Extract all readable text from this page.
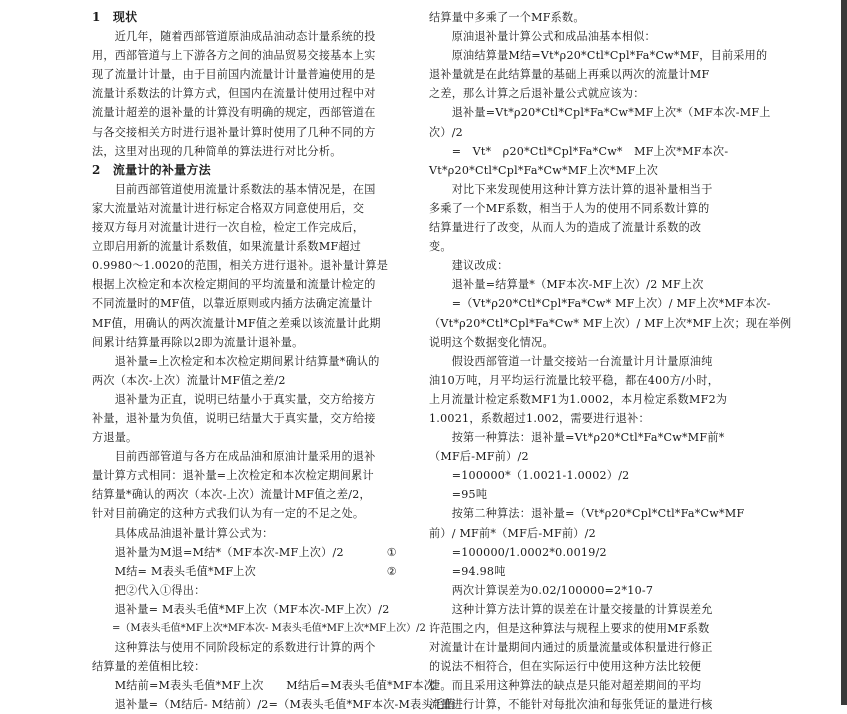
1　现状
　　近几年，随着西部管道原油成品油动态计量系统的投
用，西部管道与上下游各方之间的油品贸易交接基本上实
现了流量计计量，由于目前国内流量计计量普遍使用的是
流量计系数法的计算方式，但国内在流量计使用过程中对
流量计超差的退补量的计算没有明确的规定，西部管道在
与各交接相关方时进行退补量计算时使用了几种不同的方
法，这里对出现的几种简单的算法进行对比分析。
2　流量计的补量方法
　　目前西部管道使用流量计系数法的基本情况是，在国
家大流量站对流量计进行标定合格双方同意使用后，交
接双方每月对流量计进行一次自检，检定工作完成后，
立即启用新的流量计系数值，如果流量计系数MF超过
0.9980～1.0020的范围，相关方进行退补。退补量计算是
根据上次检定和本次检定期间的平均流量和流量计检定的
不同流量时的MF值，以靠近原则或内插方法确定流量计
MF值，用确认的两次流量计MF值之差乘以该流量计此期
间累计结算量再除以2即为流量计退补量。
　　退补量=上次检定和本次检定期间累计结算量*确认的
两次（本次-上次）流量计MF值之差/2
　　退补量为正直，说明已结量小于真实量，交方给接方
补量，退补量为负值，说明已结量大于真实量，交方给接
方退量。
　　目前西部管道与各方在成品油和原油计量采用的退补
量计算方式相同：退补量=上次检定和本次检定期间累计
结算量*确认的两次（本次-上次）流量计MF值之差/2，
针对目前确定的这种方式我们认为有一定的不足之处。
　　具体成品油退补量计算公式为：
　　退补量为M退=M结*（MF本次-MF上次）/2	①
　　M结= M表头毛值*MF上次	②
　　把②代入①得出：
　　退补量= M表头毛值*MF上次（MF本次-MF上次）/2
　　=（M表头毛值*MF上次*MF本次- M表头毛值*MF上次*MF上次）/2
　　这种算法与使用不同阶段标定的系数进行计算的两个
结算量的差值相比较：
　　M结前=M表头毛值*MF上次　　M结后=M表头毛值*MF本次
　　退补量=（M结后- M结前）/2=（M表头毛值*MF本次-M表头毛值
结算量中多乘了一个MF系数。
　　原油退补量计算公式和成品油基本相似：
　　原油结算量M结=Vt*ρ20*Ctl*Cpl*Fa*Cw*MF，目前采用的
退补量就是在此结算量的基础上再乘以两次的流量计MF
之差，那么计算之后退补量公式就应该为：
　　退补量=Vt*ρ20*Ctl*Cpl*Fa*Cw*MF上次*（MF本次-MF上
次）/2
　　=　Vt*　ρ20*Ctl*Cpl*Fa*Cw*　MF上次*MF本次-
Vt*ρ20*Ctl*Cpl*Fa*Cw*MF上次*MF上次
　　对比下来发现使用这种计算方法计算的退补量相当于
多乘了一个MF系数，相当于人为的使用不同系数计算的
结算量进行了改变，从而人为的造成了流量计系数的改
变。
　　建议改成：
　　退补量=结算量*（MF本次-MF上次）/2 MF上次
　　=（Vt*ρ20*Ctl*Cpl*Fa*Cw* MF上次）/ MF上次*MF本次-
（Vt*ρ20*Ctl*Cpl*Fa*Cw* MF上次）/ MF上次*MF上次；现在举例
说明这个数据变化情况。
　　假设西部管道一计量交接站一台流量计月计量原油纯
油10万吨，月平均运行流量比较平稳，都在400方/小时，
上月流量计检定系数MF1为1.0002，本月检定系数MF2为
1.0021，系数超过1.002，需要进行退补：
　　按第一种算法：退补量=Vt*ρ20*Ctl*Fa*Cw*MF前*
（MF后-MF前）/2
　　=100000*（1.0021-1.0002）/2
　　=95吨
　　按第二种算法：退补量=（Vt*ρ20*Cpl*Ctl*Fa*Cw*MF
前）/ MF前*（MF后-MF前）/2
　　=100000/1.0002*0.0019/2
　　=94.98吨
　　两次计算误差为0.02/100000=2*10-7
　　这种计算方法计算的误差在计量交接量的计算误差允
许范围之内，但是这种算法与规程上要求的使用MF系数
对流量计在计量期间内通过的质量流量或体积量进行修正
的说法不相符合，但在实际运行中使用这种方法比较便
捷。而且采用这种算法的缺点是只能对超差期间的平均
流量进行计算，不能针对每批次油和每张凭证的量进行核
